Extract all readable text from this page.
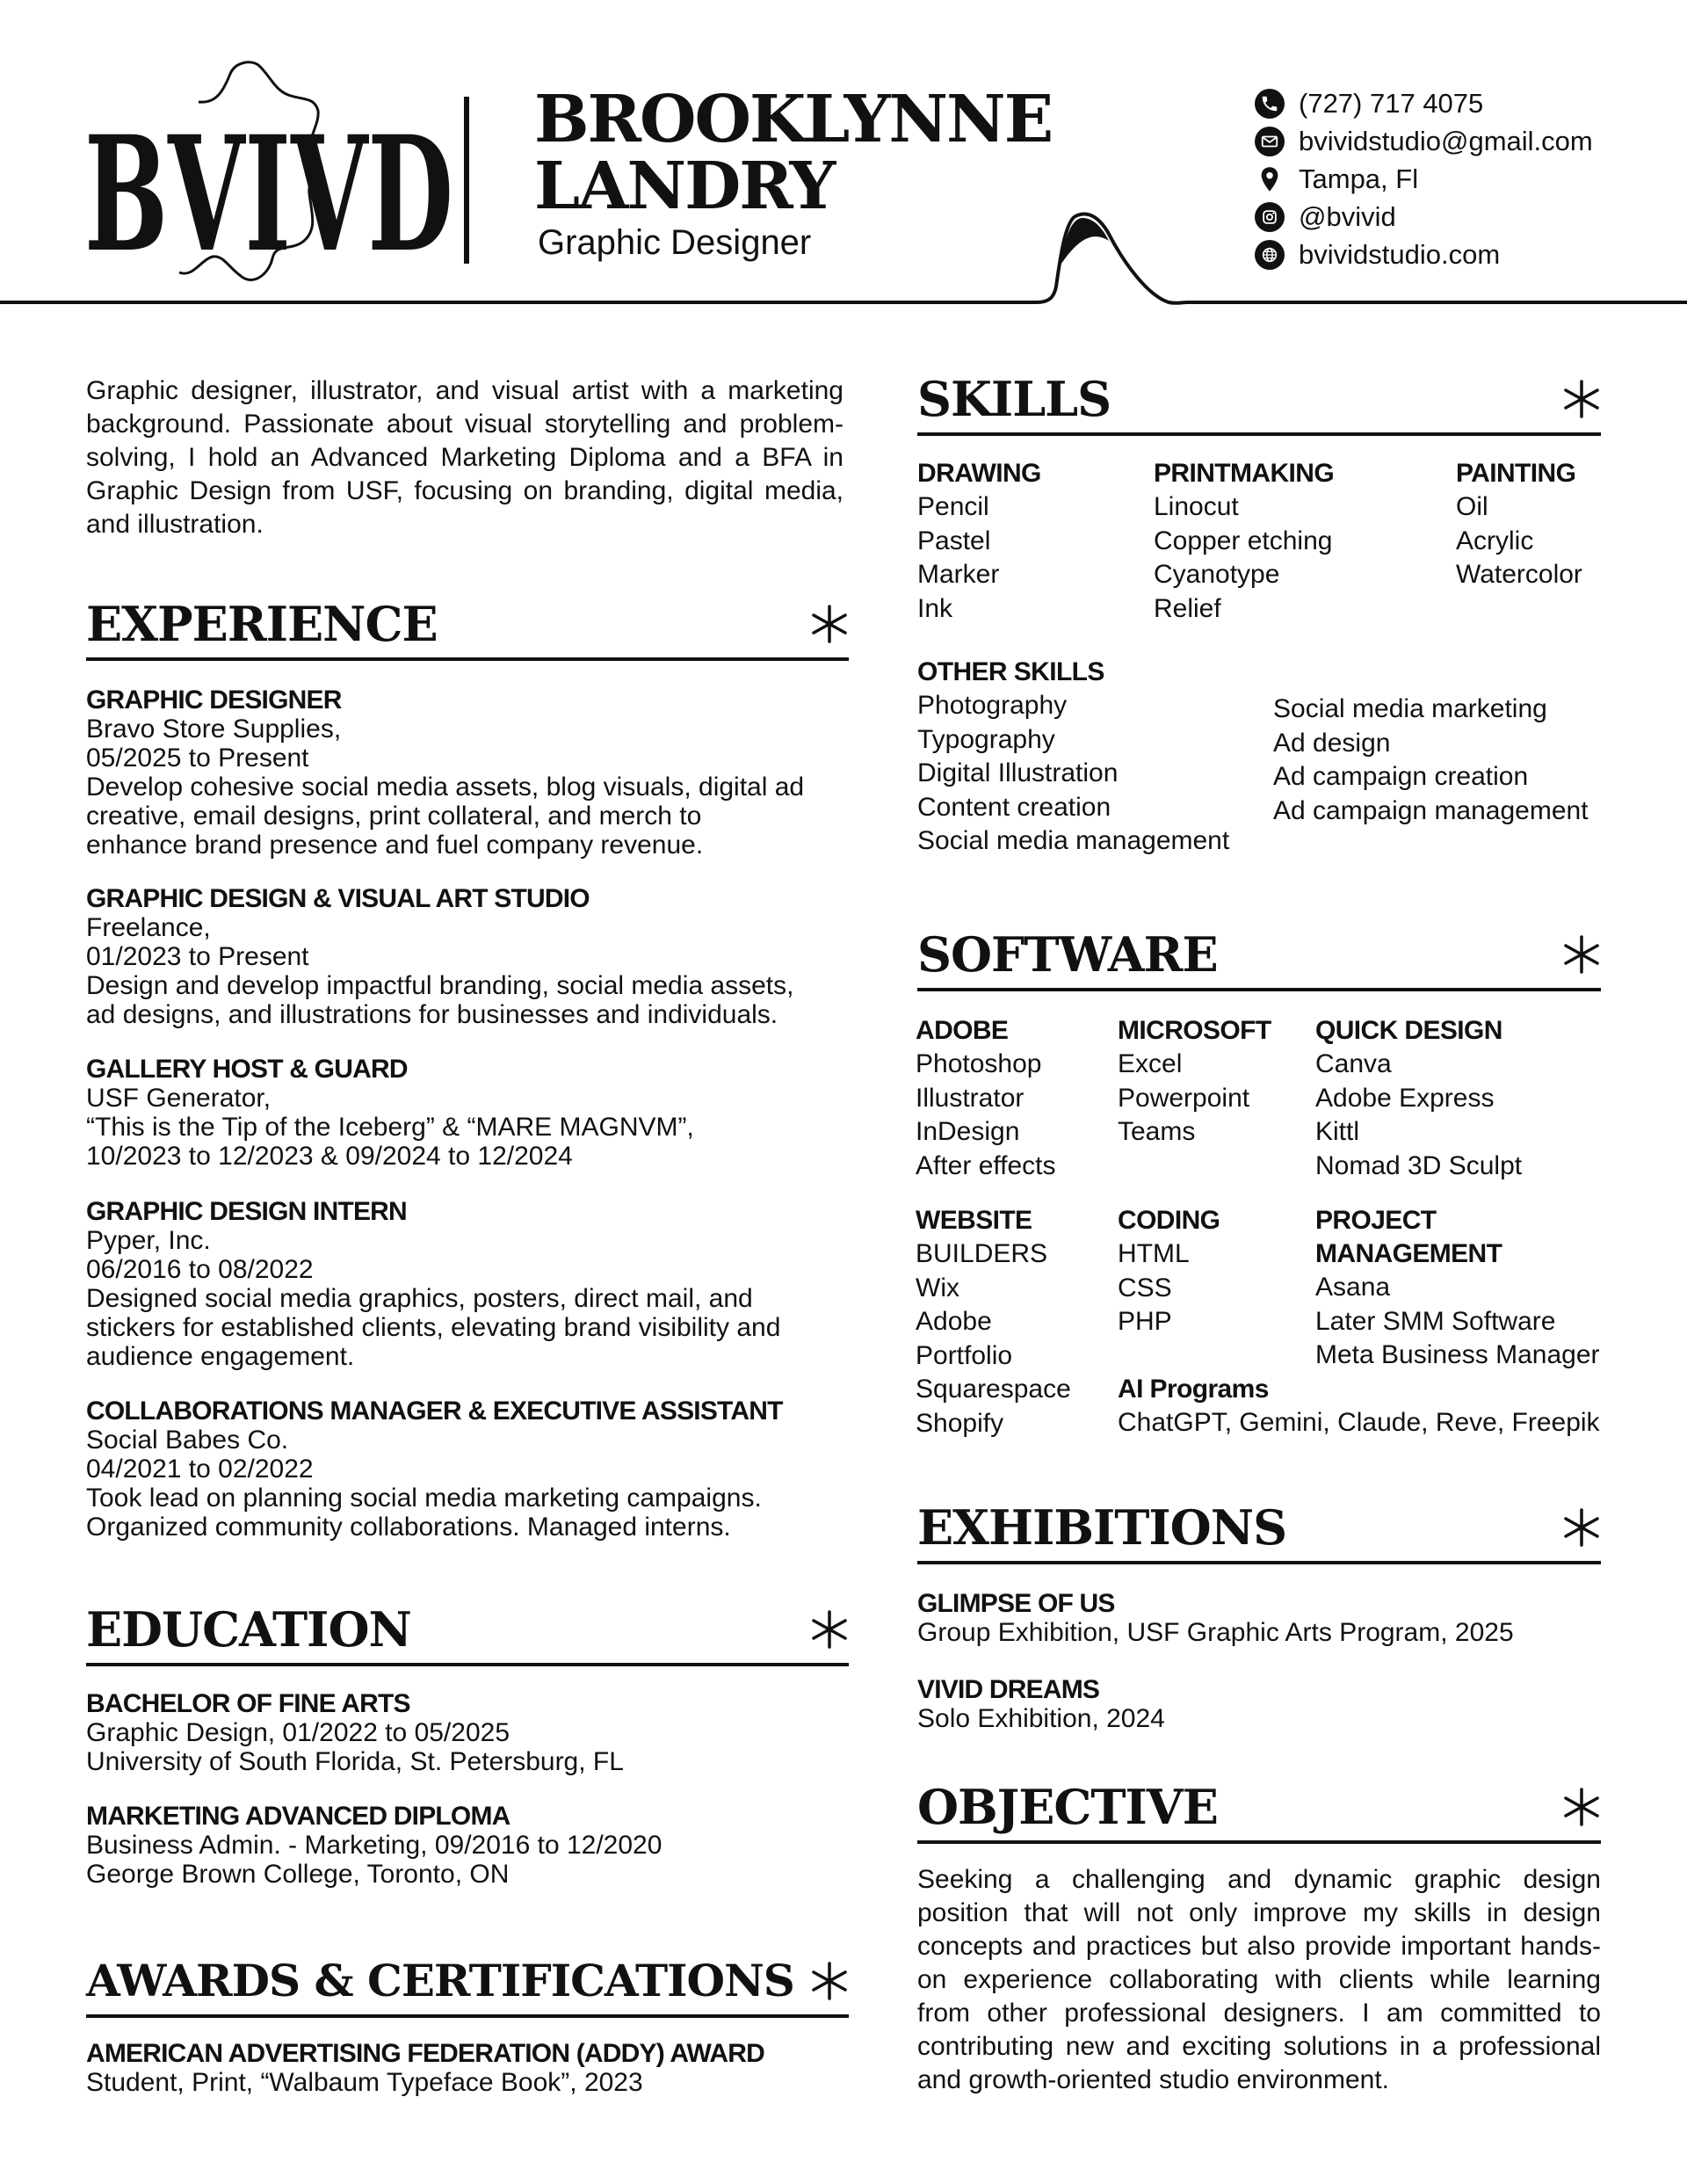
BVIVD BROOKLYNNE
LANDRY
Graphic Designer
(727) 717 4075
bvividstudio@gmail.com
Tampa, Fl
@bvivid
bvividstudio.com
Graphic designer, illustrator, and visual artist with a marketing background. Passionate about visual storytelling and problem-solving, I hold an Advanced Marketing Diploma and a BFA in Graphic Design from USF, focusing on branding, digital media, and illustration.
EXPERIENCE
GRAPHIC DESIGNER
Bravo Store Supplies,
05/2025 to Present
Develop cohesive social media assets, blog visuals, digital ad
creative, email designs, print collateral, and merch to
enhance brand presence and fuel company revenue.
GRAPHIC DESIGN & VISUAL ART STUDIO
Freelance,
01/2023 to Present
Design and develop impactful branding, social media assets,
ad designs, and illustrations for businesses and individuals.
GALLERY HOST & GUARD
USF Generator,
“This is the Tip of the Iceberg” & “MARE MAGNVM”,
10/2023 to 12/2023 & 09/2024 to 12/2024
GRAPHIC DESIGN INTERN
Pyper, Inc.
06/2016 to 08/2022
Designed social media graphics, posters, direct mail, and
stickers for established clients, elevating brand visibility and
audience engagement.
COLLABORATIONS MANAGER & EXECUTIVE ASSISTANT
Social Babes Co.
04/2021 to 02/2022
Took lead on planning social media marketing campaigns.
Organized community collaborations. Managed interns.
EDUCATION
BACHELOR OF FINE ARTS
Graphic Design, 01/2022 to 05/2025
University of South Florida, St. Petersburg, FL
MARKETING ADVANCED DIPLOMA
Business Admin. - Marketing, 09/2016 to 12/2020
George Brown College, Toronto, ON
AWARDS & CERTIFICATIONS
AMERICAN ADVERTISING FEDERATION (ADDY) AWARD
Student, Print, “Walbaum Typeface Book”, 2023
SKILLS
DRAWING
Pencil
Pastel
Marker
Ink
PRINTMAKING
Linocut
Copper etching
Cyanotype
Relief
PAINTING
Oil
Acrylic
Watercolor
OTHER SKILLS
Photography
Typography
Digital Illustration
Content creation
Social media management
Social media marketing
Ad design
Ad campaign creation
Ad campaign management
SOFTWARE
ADOBE
Photoshop
Illustrator
InDesign
After effects
MICROSOFT
Excel
Powerpoint
Teams
QUICK DESIGN
Canva
Adobe Express
Kittl
Nomad 3D Sculpt
WEBSITE
BUILDERS
Wix
Adobe
Portfolio
Squarespace
Shopify
CODING
HTML
CSS
PHP
PROJECT
MANAGEMENT
Asana
Later SMM Software
Meta Business Manager
AI Programs
ChatGPT, Gemini, Claude, Reve, Freepik
EXHIBITIONS
GLIMPSE OF US
Group Exhibition, USF Graphic Arts Program, 2025
VIVID DREAMS
Solo Exhibition, 2024
OBJECTIVE
Seeking a challenging and dynamic graphic design position that will not only improve my skills in design concepts and practices but also provide important hands-on experience collaborating with clients while learning from other professional designers. I am committed to contributing new and exciting solutions in a professional and growth-oriented studio environment.
